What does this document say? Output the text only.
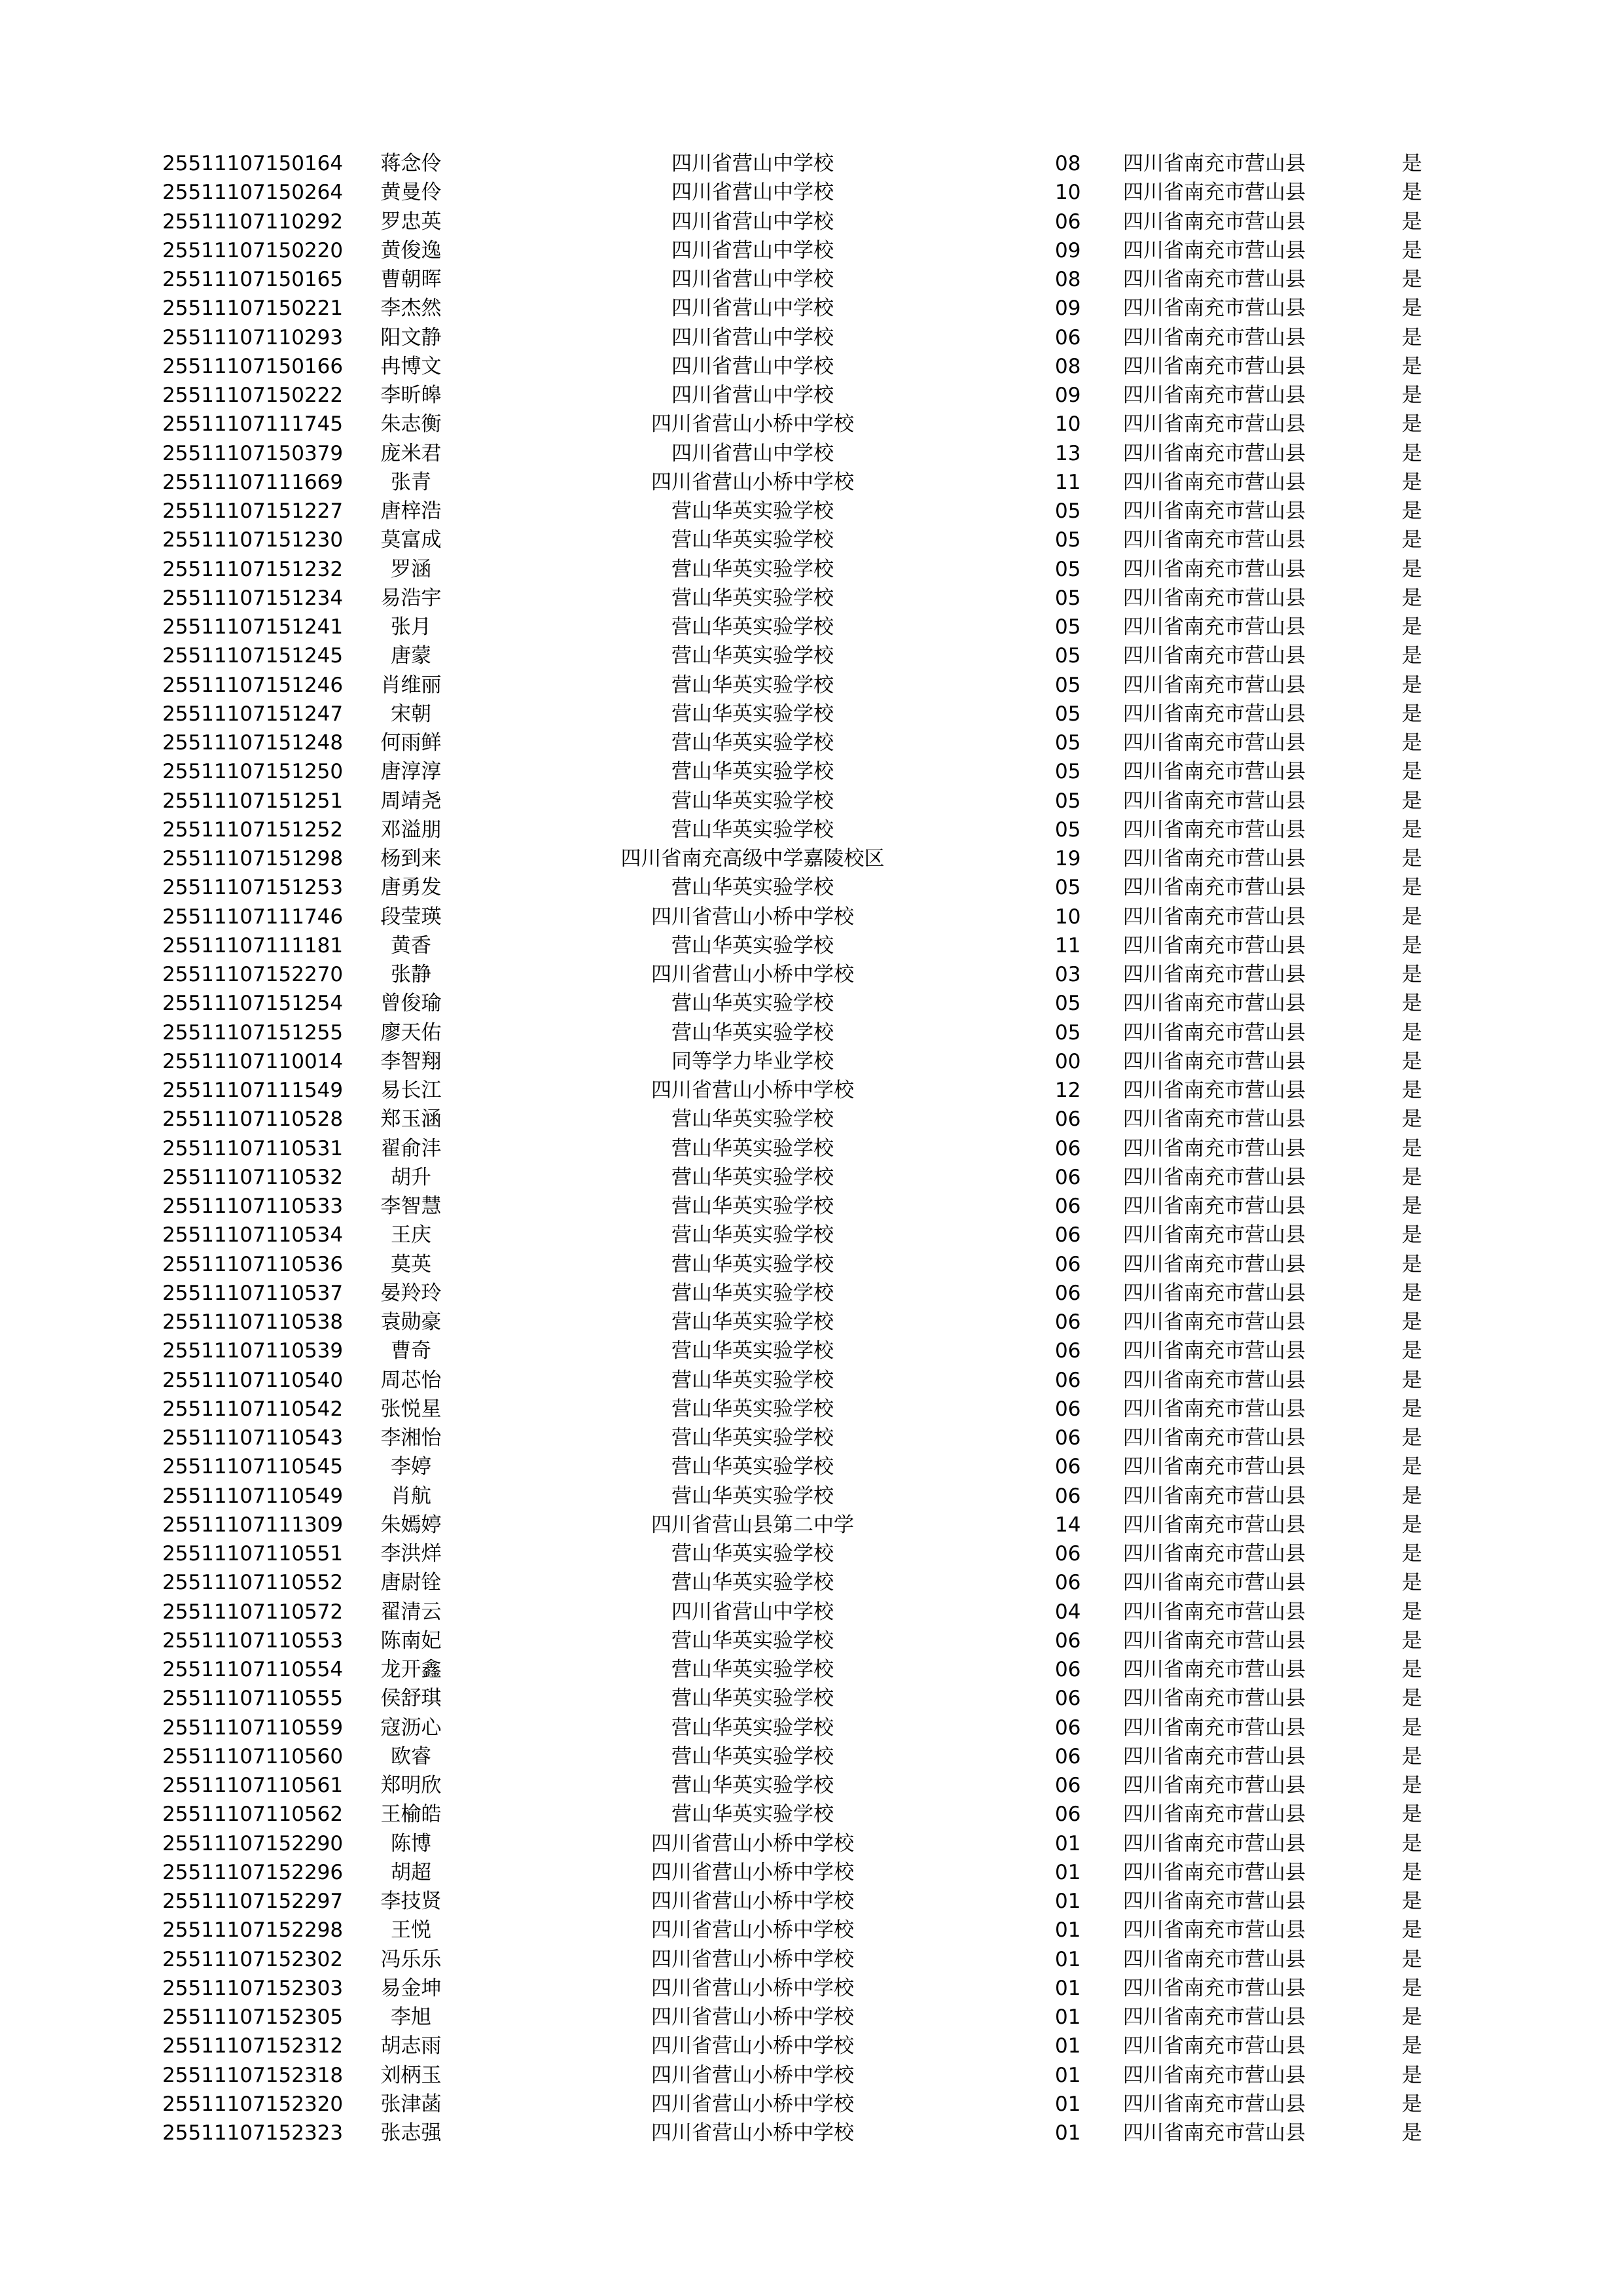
25511107150164 蒋念伶	四川省营山中学校	08 四川省南充市营山县	是
25511107150264 黄曼伶	四川省营山中学校	10 四川省南充市营山县	是
25511107110292 罗忠英	四川省营山中学校	06 四川省南充市营山县	是
25511107150220 黄俊逸	四川省营山中学校	09 四川省南充市营山县	是
25511107150165 曹朝晖	四川省营山中学校	08 四川省南充市营山县	是
25511107150221 李杰然	四川省营山中学校	09 四川省南充市营山县	是
25511107110293 阳文静	四川省营山中学校	06 四川省南充市营山县	是
25511107150166 冉博文	四川省营山中学校	08 四川省南充市营山县	是
25511107150222 李昕皞	四川省营山中学校	09 四川省南充市营山县	是
25511107111745 朱志衡	四川省营山小桥中学校	10 四川省南充市营山县	是
25511107150379 庞米君	四川省营山中学校	13 四川省南充市营山县	是
25511107111669	张青	四川省营山小桥中学校	11 四川省南充市营山县	是
25511107151227 唐梓浩	营山华英实验学校	05 四川省南充市营山县	是
25511107151230 莫富成	营山华英实验学校	05 四川省南充市营山县	是
25511107151232	罗涵	营山华英实验学校	05 四川省南充市营山县	是
25511107151234 易浩宇	营山华英实验学校	05 四川省南充市营山县	是
25511107151241	张月	营山华英实验学校	05 四川省南充市营山县	是
25511107151245	唐蒙	营山华英实验学校	05 四川省南充市营山县	是
25511107151246 肖维丽	营山华英实验学校	05 四川省南充市营山县	是
25511107151247	宋朝	营山华英实验学校	05 四川省南充市营山县	是
25511107151248 何雨鲜	营山华英实验学校	05 四川省南充市营山县	是
25511107151250 唐淳淳	营山华英实验学校	05 四川省南充市营山县	是
25511107151251 周靖尧	营山华英实验学校	05 四川省南充市营山县	是
25511107151252 邓溢朋	营山华英实验学校	05 四川省南充市营山县	是
25511107151298 杨到来	四川省南充高级中学嘉陵校区	19 四川省南充市营山县	是
25511107151253 唐勇发	营山华英实验学校	05 四川省南充市营山县	是
25511107111746 段莹瑛	四川省营山小桥中学校	10 四川省南充市营山县	是
25511107111181	黄香	营山华英实验学校	11 四川省南充市营山县	是
25511107152270	张静	四川省营山小桥中学校	03 四川省南充市营山县	是
25511107151254 曾俊瑜	营山华英实验学校	05 四川省南充市营山县	是
25511107151255 廖天佑	营山华英实验学校	05 四川省南充市营山县	是
25511107110014 李智翔	同等学力毕业学校	00 四川省南充市营山县	是
25511107111549 易长江	四川省营山小桥中学校	12 四川省南充市营山县	是
25511107110528 郑玉涵	营山华英实验学校	06 四川省南充市营山县	是
25511107110531 翟俞沣	营山华英实验学校	06 四川省南充市营山县	是
25511107110532	胡升	营山华英实验学校	06 四川省南充市营山县	是
25511107110533 李智慧	营山华英实验学校	06 四川省南充市营山县	是
25511107110534	王庆	营山华英实验学校	06 四川省南充市营山县	是
25511107110536	莫英	营山华英实验学校	06 四川省南充市营山县	是
25511107110537 晏羚玲	营山华英实验学校	06 四川省南充市营山县	是
25511107110538 袁勋豪	营山华英实验学校	06 四川省南充市营山县	是
25511107110539	曹奇	营山华英实验学校	06 四川省南充市营山县	是
25511107110540 周芯怡	营山华英实验学校	06 四川省南充市营山县	是
25511107110542 张悦星	营山华英实验学校	06 四川省南充市营山县	是
25511107110543 李湘怡	营山华英实验学校	06 四川省南充市营山县	是
25511107110545	李婷	营山华英实验学校	06 四川省南充市营山县	是
25511107110549	肖航	营山华英实验学校	06 四川省南充市营山县	是
25511107111309 朱嫣婷	四川省营山县第二中学	14 四川省南充市营山县	是
25511107110551 李洪烊	营山华英实验学校	06 四川省南充市营山县	是
25511107110552 唐尉铨	营山华英实验学校	06 四川省南充市营山县	是
25511107110572 翟清云	四川省营山中学校	04 四川省南充市营山县	是
25511107110553 陈南妃	营山华英实验学校	06 四川省南充市营山县	是
25511107110554 龙开鑫	营山华英实验学校	06 四川省南充市营山县	是
25511107110555 侯舒琪	营山华英实验学校	06 四川省南充市营山县	是
25511107110559 寇沥心	营山华英实验学校	06 四川省南充市营山县	是
25511107110560	欧睿	营山华英实验学校	06 四川省南充市营山县	是
25511107110561 郑明欣	营山华英实验学校	06 四川省南充市营山县	是
25511107110562 王榆皓	营山华英实验学校	06 四川省南充市营山县	是
25511107152290	陈博	四川省营山小桥中学校	01 四川省南充市营山县	是
25511107152296	胡超	四川省营山小桥中学校	01 四川省南充市营山县	是
25511107152297 李技贤	四川省营山小桥中学校	01 四川省南充市营山县	是
25511107152298	王悦	四川省营山小桥中学校	01 四川省南充市营山县	是
25511107152302 冯乐乐	四川省营山小桥中学校	01 四川省南充市营山县	是
25511107152303 易金坤	四川省营山小桥中学校	01 四川省南充市营山县	是
25511107152305	李旭	四川省营山小桥中学校	01 四川省南充市营山县	是
25511107152312 胡志雨	四川省营山小桥中学校	01 四川省南充市营山县	是
25511107152318 刘柄玉	四川省营山小桥中学校	01 四川省南充市营山县	是
25511107152320 张津菡	四川省营山小桥中学校	01 四川省南充市营山县	是
25511107152323 张志强	四川省营山小桥中学校	01 四川省南充市营山县	是
